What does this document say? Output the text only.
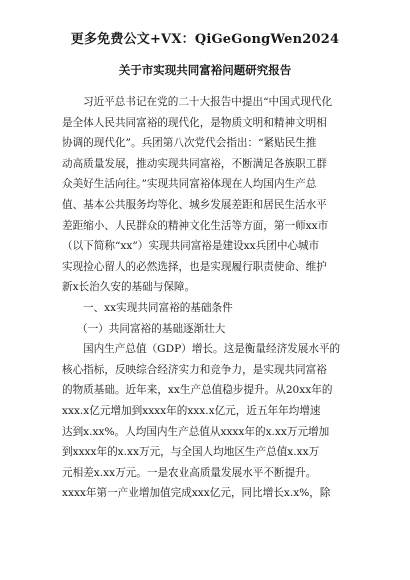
更多免费公文+VX：QiGeGongWen2024
关于市实现共同富裕问题研究报告
习近平总书记在党的二十大报告中提出“中国式现代化
是全体人民共同富裕的现代化，是物质文明和精神文明相
协调的现代化”。兵团第八次党代会指出：“紧贴民生推
动高质量发展，推动实现共同富裕，不断满足各族职工群
众美好生活向往。”实现共同富裕体现在人均国内生产总
值、基本公共服务均等化、城乡发展差距和居民生活水平
差距缩小、人民群众的精神文化生活等方面，第一师xx市
（以下简称“xx”）实现共同富裕是建设xx兵团中心城市
实现捡心留人的必然选择，也是实现履行职责使命、维护
新x长治久安的基础与保障。
一、xx实现共同富裕的基础条件
（一）共同富裕的基础逐渐壮大
国内生产总值（GDP）增长。这是衡量经济发展水平的
核心指标，反映综合经济实力和竞争力，是实现共同富裕
的物质基础。近年来，xx生产总值稳步提升。从20xx年的
xxx.x亿元增加到xxxx年的xxx.x亿元，近五年年均增速
达到x.xx%。人均国内生产总值从xxxx年的x.xx万元增加
到xxxx年的x.xx万元，与全国人均地区生产总值x.xx万
元相差x.xx万元。一是农业高质量发展水平不断提升。
xxxx年第一产业增加值完成xxx亿元，同比增长x.x%，除
